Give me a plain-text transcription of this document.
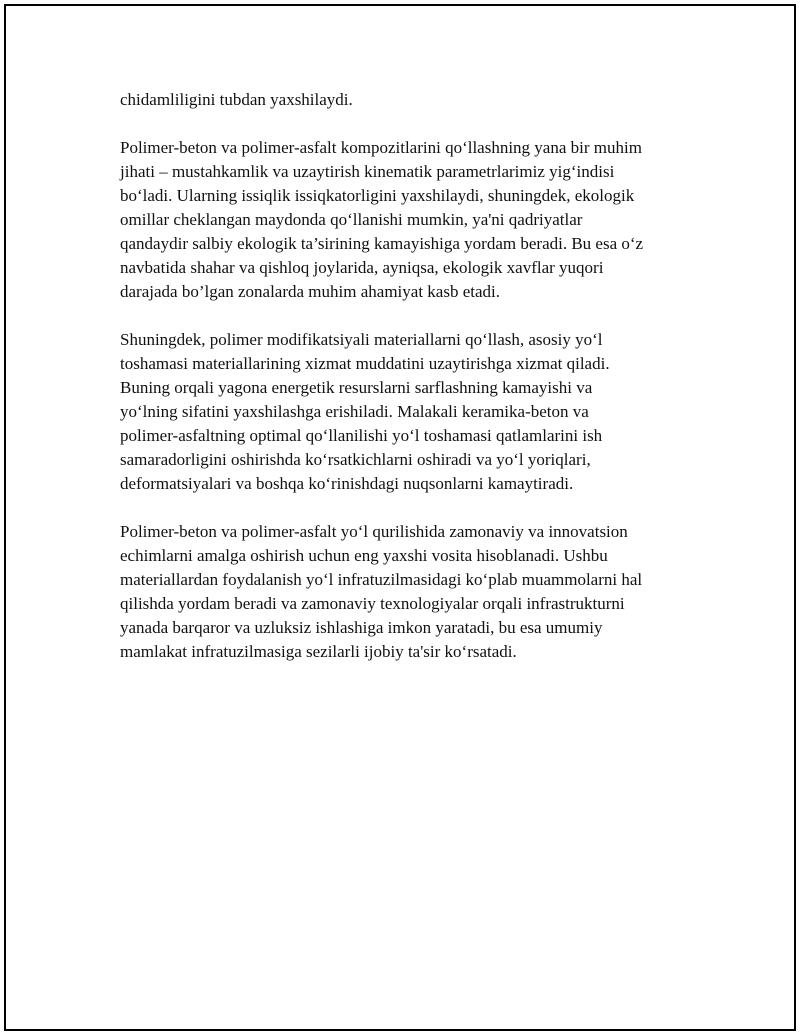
chidamliligini tubdan yaxshilaydi.

Polimer-beton va polimer-asfalt kompozitlarini qo‘llashning yana bir muhim
jihati – mustahkamlik va uzaytirish kinematik parametrlarimiz yig‘indisi
bo‘ladi. Ularning issiqlik issiqkatorligini yaxshilaydi, shuningdek, ekologik
omillar cheklangan maydonda qo‘llanishi mumkin, ya'ni qadriyatlar
qandaydir salbiy ekologik ta’sirining kamayishiga yordam beradi. Bu esa o‘z
navbatida shahar va qishloq joylarida, ayniqsa, ekologik xavflar yuqori
darajada bo’lgan zonalarda muhim ahamiyat kasb etadi.

Shuningdek, polimer modifikatsiyali materiallarni qo‘llash, asosiy yo‘l
toshamasi materiallarining xizmat muddatini uzaytirishga xizmat qiladi.
Buning orqali yagona energetik resurslarni sarflashning kamayishi va
yo‘lning sifatini yaxshilashga erishiladi. Malakali keramika-beton va
polimer-asfaltning optimal qo‘llanilishi yo‘l toshamasi qatlamlarini ish
samaradorligini oshirishda ko‘rsatkichlarni oshiradi va yo‘l yoriqlari,
deformatsiyalari va boshqa ko‘rinishdagi nuqsonlarni kamaytiradi.

Polimer-beton va polimer-asfalt yo‘l qurilishida zamonaviy va innovatsion
echimlarni amalga oshirish uchun eng yaxshi vosita hisoblanadi. Ushbu
materiallardan foydalanish yo‘l infratuzilmasidagi ko‘plab muammolarni hal
qilishda yordam beradi va zamonaviy texnologiyalar orqali infrastrukturni
yanada barqaror va uzluksiz ishlashiga imkon yaratadi, bu esa umumiy
mamlakat infratuzilmasiga sezilarli ijobiy ta'sir ko‘rsatadi.
